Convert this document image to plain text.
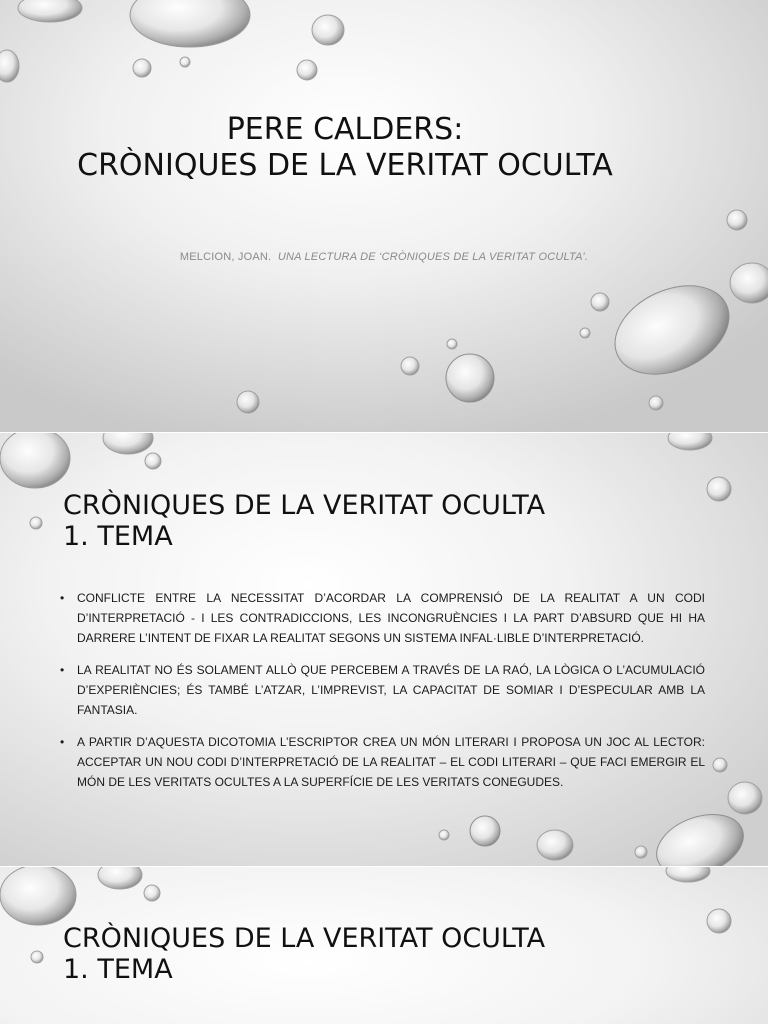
PERE CALDERS:
CRÒNIQUES DE LA VERITAT OCULTA
MELCION, JOAN. UNA LECTURA DE ‘CRÒNIQUES DE LA VERITAT OCULTA’.
CRÒNIQUES DE LA VERITAT OCULTA
1. TEMA
• CONFLICTE ENTRE LA NECESSITAT D’ACORDAR LA COMPRENSIÓ DE LA REALITAT A UN CODI D’INTERPRETACIÓ - I LES CONTRADICCIONS, LES INCONGRUÈNCIES I LA PART D’ABSURD QUE HI HA DARRERE L’INTENT DE FIXAR LA REALITAT SEGONS UN SISTEMA INFAL·LIBLE D’INTERPRETACIÓ.
• LA REALITAT NO ÉS SOLAMENT ALLÒ QUE PERCEBEM A TRAVÉS DE LA RAÓ, LA LÒGICA O L’ACUMULACIÓ D’EXPERIÈNCIES; ÉS TAMBÉ L’ATZAR, L’IMPREVIST, LA CAPACITAT DE SOMIAR I D’ESPECULAR AMB LA FANTASIA.
• A PARTIR D’AQUESTA DICOTOMIA L’ESCRIPTOR CREA UN MÓN LITERARI I PROPOSA UN JOC AL LECTOR: ACCEPTAR UN NOU CODI D’INTERPRETACIÓ DE LA REALITAT – EL CODI LITERARI – QUE FACI EMERGIR EL MÓN DE LES VERITATS OCULTES A LA SUPERFÍCIE DE LES VERITATS CONEGUDES.
CRÒNIQUES DE LA VERITAT OCULTA
1. TEMA
